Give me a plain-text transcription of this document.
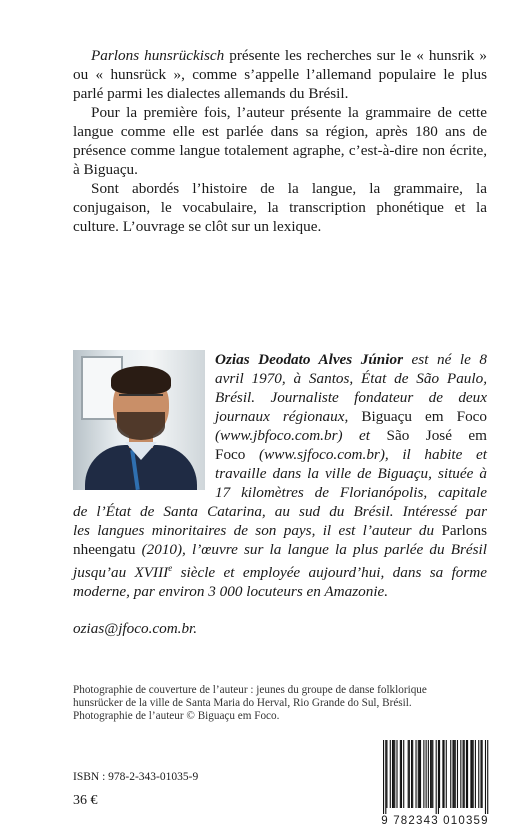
Parlons hunsrückisch présente les recherches sur le « hunsrik » ou « hunsrück », comme s’appelle l’allemand populaire le plus parlé parmi les dialectes allemands du Brésil.

Pour la première fois, l’auteur présente la grammaire de cette langue comme elle est parlée dans sa région, après 180 ans de présence comme langue totalement agraphe, c’est-à-dire non écrite, à Biguaçu.

Sont abordés l’histoire de la langue, la grammaire, la conjugaison, le vocabulaire, la transcription phonétique et la culture. L’ouvrage se clôt sur un lexique.

Ozias Deodato Alves Júnior est né le 8
avril 1970, à Santos, État de São Paulo,
Brésil. Journaliste fondateur de deux
journaux régionaux, Biguaçu em Foco
(www.jbfoco.com.br) et São José em
Foco (www.sjfoco.com.br), il habite et
travaille dans la ville de Biguaçu, située à
17 kilomètres de Florianópolis, capitale
de l’État de Santa Catarina, au sud du Brésil. Intéressé par
les langues minoritaires de son pays, il est l’auteur du Parlons
nheengatu (2010), l’œuvre sur la langue la plus parlée du Brésil
jusqu’au XVIIIe siècle et employée aujourd’hui, dans sa forme
moderne, par environ 3 000 locuteurs en Amazonie.
ozias@jfoco.com.br.
Photographie de couverture de l’auteur : jeunes du groupe de danse folklorique
hunsrücker de la ville de Santa Maria do Herval, Rio Grande do Sul, Brésil.
Photographie de l’auteur © Biguaçu em Foco.
ISBN : 978-2-343-01035-9
36 €
9 782343 010359
